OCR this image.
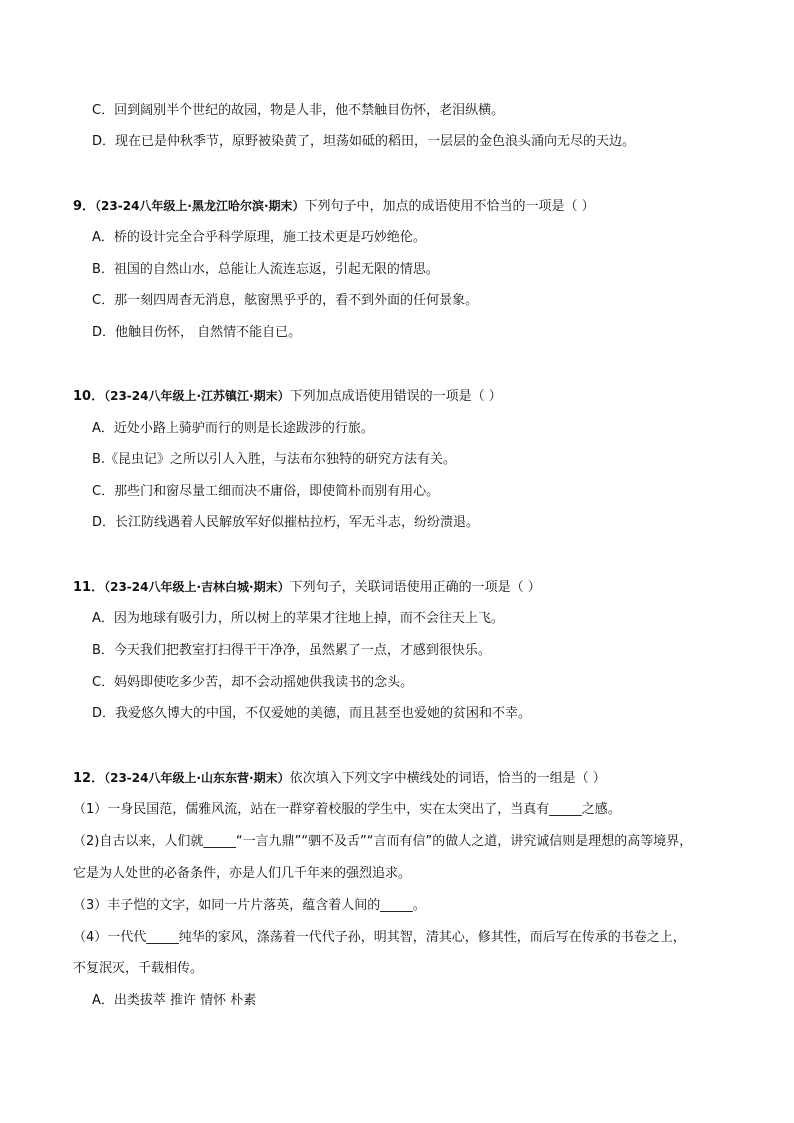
C．回到阔别半个世纪的故园，物是人非，他不禁触目伤怀，老泪纵横。
D．现在已是仲秋季节，原野被染黄了，坦荡如砥的稻田，一层层的金色浪头涌向无尽的天边。
9．（23-24八年级上·黑龙江哈尔滨·期末）下列句子中，加点的成语使用不恰当的一项是（ ）
A．桥的设计完全合乎科学原理，施工技术更是巧妙绝伦。
B．祖国的自然山水，总能让人流连忘返，引起无限的情思。
C．那一刻四周杳无消息，舷窗黑乎乎的，看不到外面的任何景象。
D．他触目伤怀， 自然情不能自已。
10．（23-24八年级上·江苏镇江·期末）下列加点成语使用错误的一项是（ ）
A．近处小路上骑驴而行的则是长途跋涉的行旅。
B.《昆虫记》之所以引人入胜，与法布尔独特的研究方法有关。
C．那些门和窗尽量工细而决不庸俗，即使简朴而别有用心。
D．长江防线遇着人民解放军好似摧枯拉朽，军无斗志，纷纷溃退。
11．（23-24八年级上·吉林白城·期末）下列句子，关联词语使用正确的一项是（ ）
A．因为地球有吸引力，所以树上的苹果才往地上掉，而不会往天上飞。
B．今天我们把教室打扫得干干净净，虽然累了一点，才感到很快乐。
C．妈妈即使吃多少苦，却不会动摇她供我读书的念头。
D．我爱悠久博大的中国，不仅爱她的美德，而且甚至也爱她的贫困和不幸。
12．（23-24八年级上·山东东营·期末）依次填入下列文字中横线处的词语，恰当的一组是（ ）
（1）一身民国范，儒雅风流，站在一群穿着校服的学生中，实在太突出了，当真有_____之感。
（2)自古以来，人们就_____“一言九鼎”“驷不及舌”“言而有信”的做人之道，讲究诚信则是理想的高等境界，
它是为人处世的必备条件，亦是人们几千年来的强烈追求。
（3）丰子恺的文字，如同一片片落英，蕴含着人间的_____。
（4）一代代_____纯华的家风，涤荡着一代代子孙，明其智，清其心，修其性，而后写在传承的书卷之上，
不复泯灭，千载相传。
A．出类拔萃 推许 情怀 朴素
